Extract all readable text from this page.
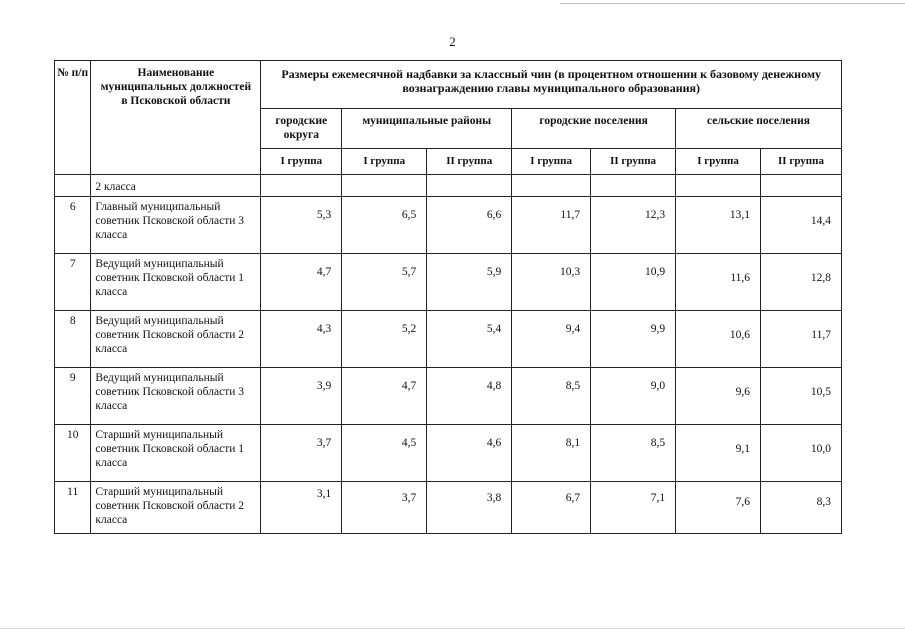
2
№ п/п	Наименование муниципальных должностей в Псковской области	Размеры ежемесячной надбавки за классный чин (в процентном отношении к базовому денежному вознаграждению главы муниципального образования)						
		городские округа	муниципальные районы		городские поселения		сельские поселения	
		I группа	I группа	II группа	I группа	II группа	I группа	II группа
	2 класса							
6	Главный муниципальный советник Псковской области 3 класса	5,3	6,5	6,6	11,7	12,3	13,1	14,4
7	Ведущий муниципальный советник Псковской области 1 класса	4,7	5,7	5,9	10,3	10,9	11,6	12,8
8	Ведущий муниципальный советник Псковской области 2 класса	4,3	5,2	5,4	9,4	9,9	10,6	11,7
9	Ведущий муниципальный советник Псковской области 3 класса	3,9	4,7	4,8	8,5	9,0	9,6	10,5
10	Старший муниципальный советник Псковской области 1 класса	3,7	4,5	4,6	8,1	8,5	9,1	10,0
11	Старший муниципальный советник Псковской области 2 класса	3,1	3,7	3,8	6,7	7,1	7,6	8,3
